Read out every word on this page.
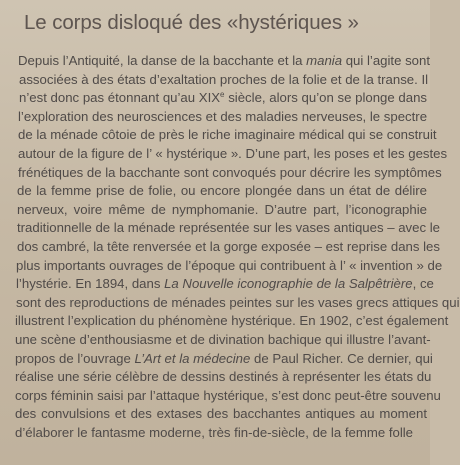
Le corps disloqué des «hystériques »
Depuis l’Antiquité, la danse de la bacchante et la mania qui l’agite sont
associées à des états d’exaltation proches de la folie et de la transe. Il
n’est donc pas étonnant qu’au XIXe siècle, alors qu’on se plonge dans
l’exploration des neurosciences et des maladies nerveuses, le spectre
de la ménade côtoie de près le riche imaginaire médical qui se construit
autour de la figure de l’ « hystérique ». D’une part, les poses et les gestes
frénétiques de la bacchante sont convoqués pour décrire les symptômes
de la femme prise de folie, ou encore plongée dans un état de délire
nerveux, voire même de nymphomanie. D’autre part, l’iconographie
traditionnelle de la ménade représentée sur les vases antiques – avec le
dos cambré, la tête renversée et la gorge exposée – est reprise dans les
plus importants ouvrages de l’époque qui contribuent à l’ « invention » de
l’hystérie. En 1894, dans La Nouvelle iconographie de la Salpêtrière, ce
sont des reproductions de ménades peintes sur les vases grecs attiques qui
illustrent l’explication du phénomène hystérique. En 1902, c’est également
une scène d’enthousiasme et de divination bachique qui illustre l’avant-
propos de l’ouvrage L’Art et la médecine de Paul Richer. Ce dernier, qui
réalise une série célèbre de dessins destinés à représenter les états du
corps féminin saisi par l’attaque hystérique, s’est donc peut-être souvenu
des convulsions et des extases des bacchantes antiques au moment
d’élaborer le fantasme moderne, très fin-de-siècle, de la femme folle
